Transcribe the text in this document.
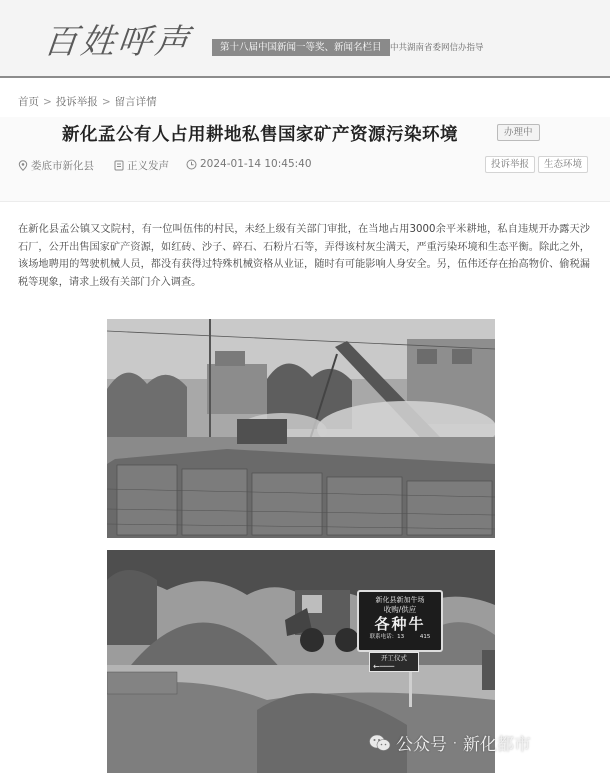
百姓呼声	第十八届中国新闻一等奖、新闻名栏目 中共湖南省委网信办指导
首页 > 投诉举报 > 留言详情
新化孟公有人占用耕地私售国家矿产资源污染环境	办理中
娄底市新化县	正义发声	2024-01-14 10:45:40	投诉举报	生态环境
在新化县孟公镇又文院村，有一位叫伍伟的村民，未经上级有关部门审批，在当地占用3000余平米耕地，私自违规开办露天沙石厂，公开出售国家矿产资源，如红砖、沙子、碎石、石粉片石等，弄得该村灰尘满天，严重污染环境和生态平衡。除此之外，该场地聘用的驾驶机械人员，都没有获得过特殊机械资格从业证，随时有可能影响人身安全。另，伍伟还存在抬高物价、偷税漏税等现象，请求上级有关部门介入调查。
新化县新加牛场
收购/供应
各种牛
联系电话：13	415
开工仪式
←───
公众号 · 新化都市
